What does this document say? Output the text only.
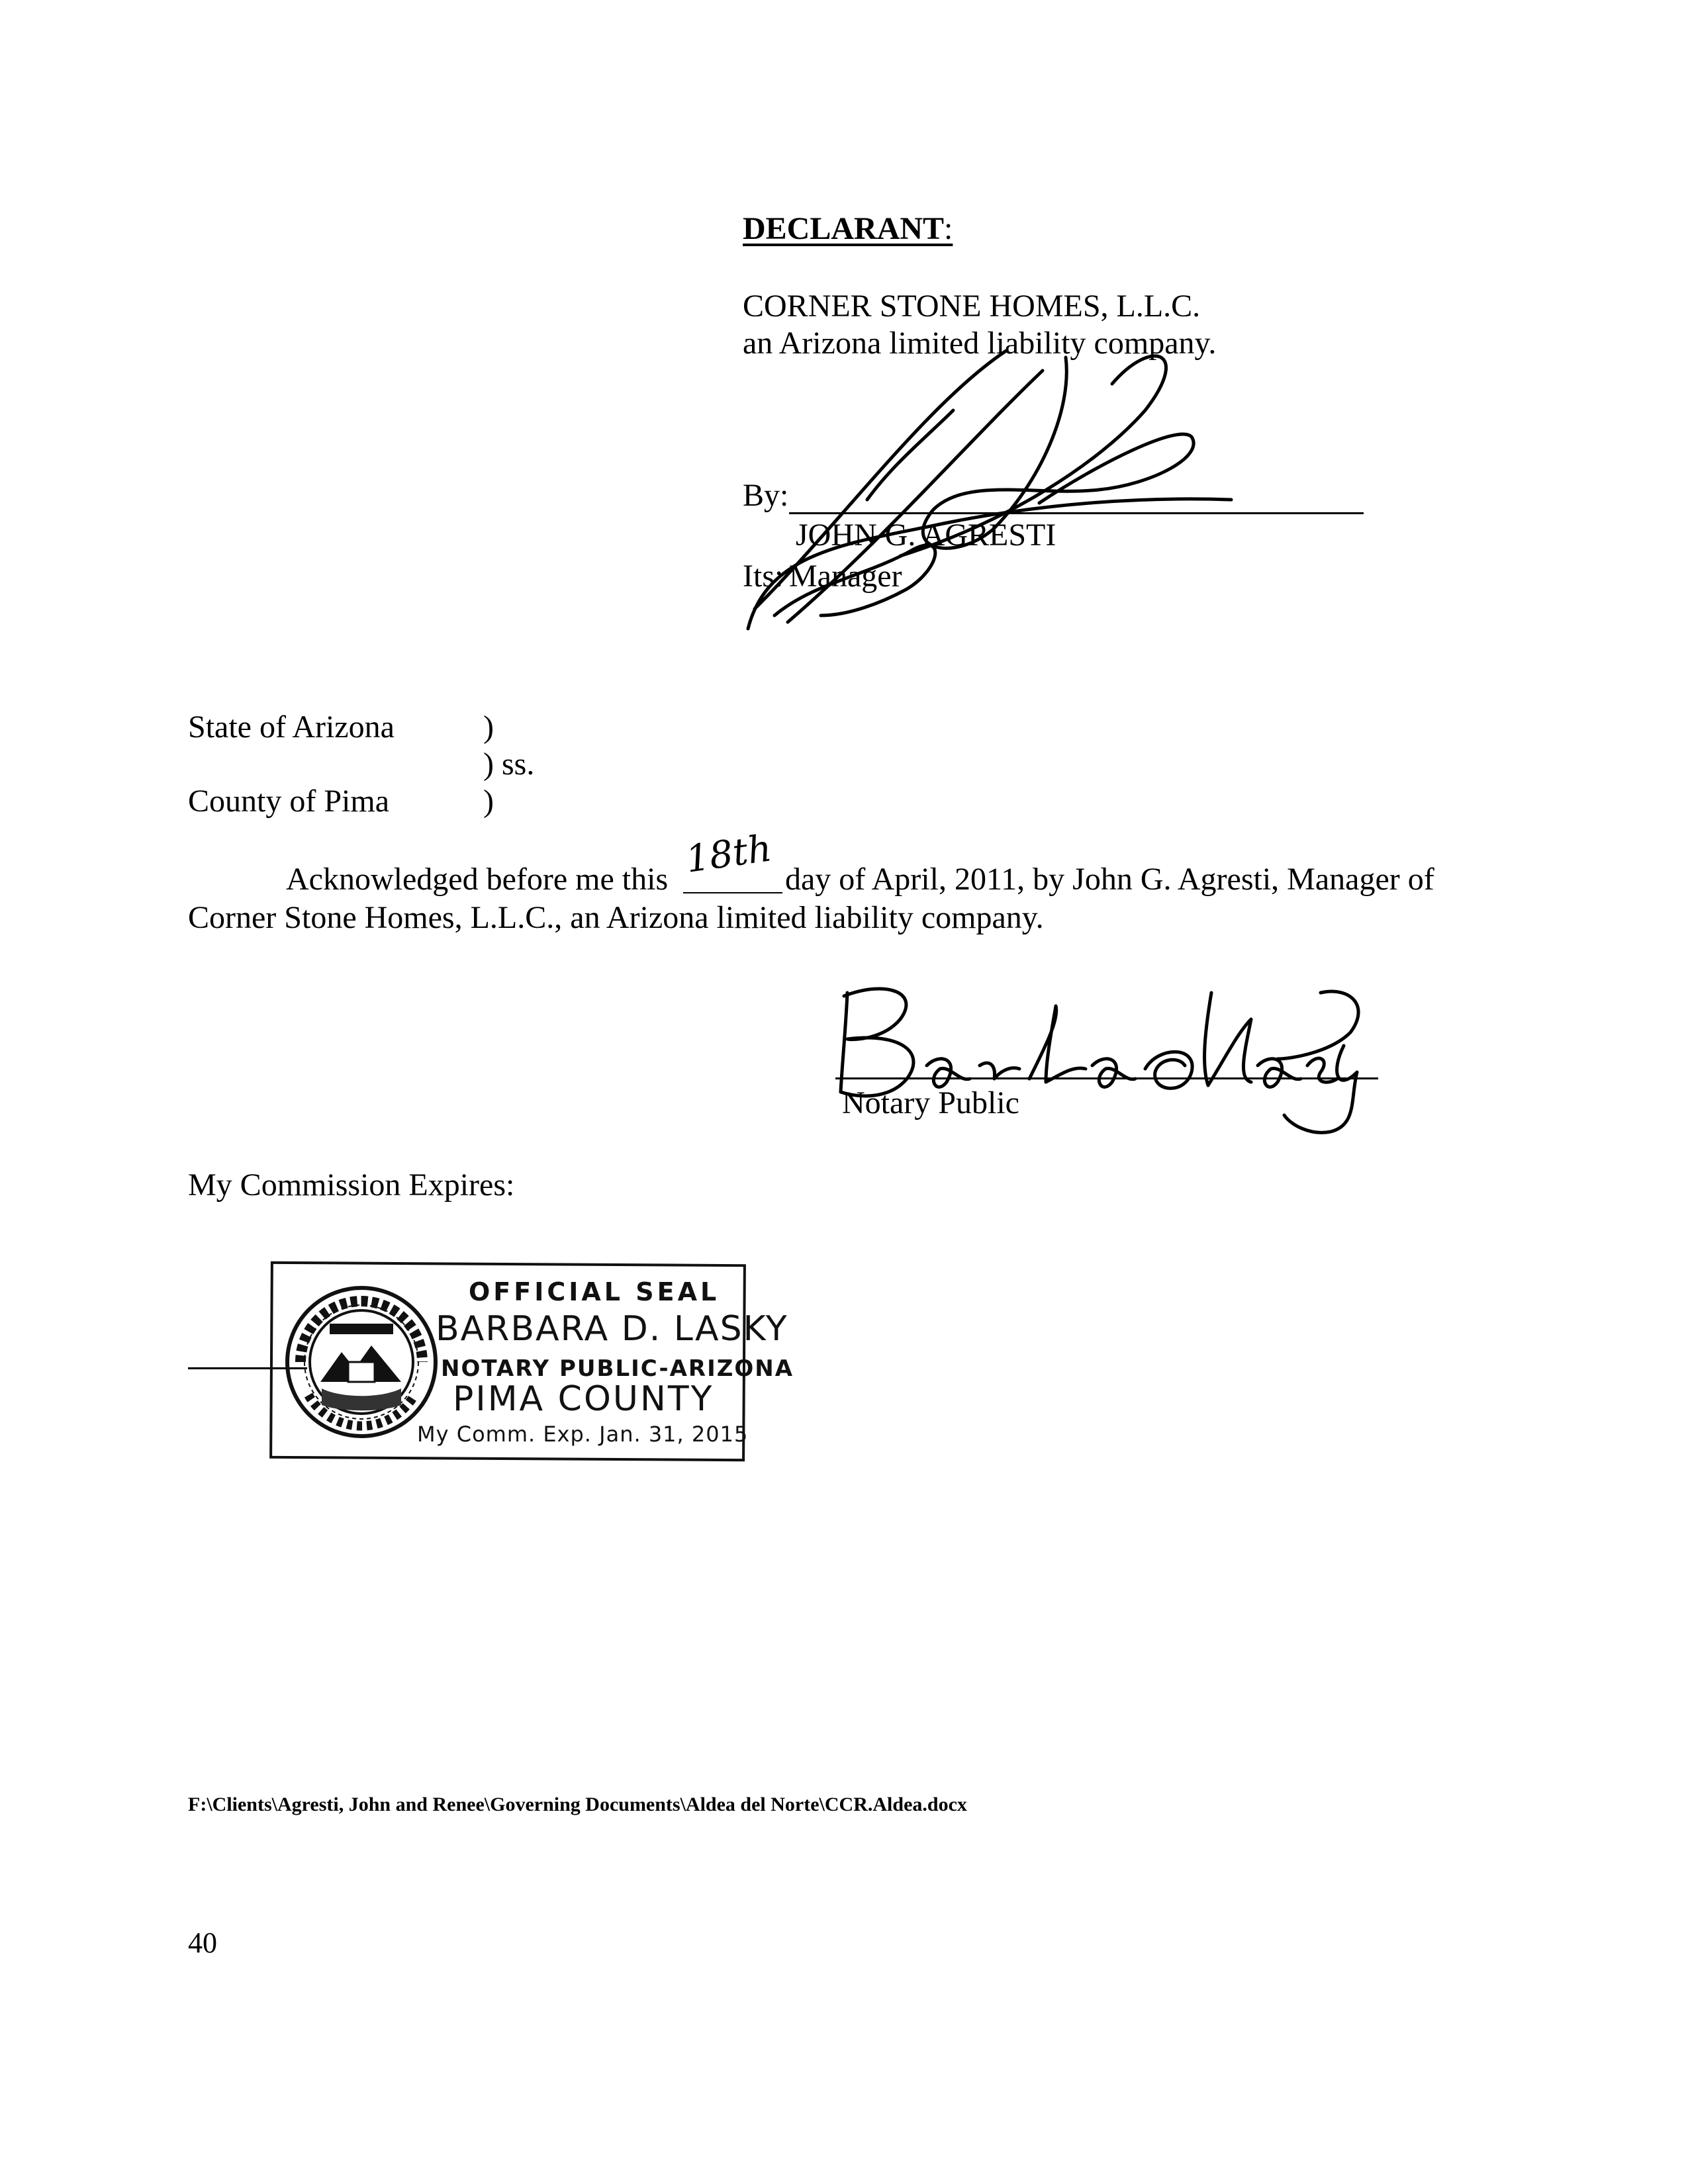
DECLARANT:
CORNER STONE HOMES, L.L.C.
an Arizona limited liability company.
By:
JOHN G. AGRESTI
Its: Manager
State of Arizona	)
) ss.
County of Pima	)
Acknowledged before me this 18th day of April, 2011, by John G. Agresti, Manager of
Corner Stone Homes, L.L.C., an Arizona limited liability company.
Notary Public
My Commission Expires:
OFFICIAL SEAL
BARBARA D. LASKY
NOTARY PUBLIC-ARIZONA
PIMA COUNTY
My Comm. Exp. Jan. 31, 2015
F:\Clients\Agresti, John and Renee\Governing Documents\Aldea del Norte\CCR.Aldea.docx
40
